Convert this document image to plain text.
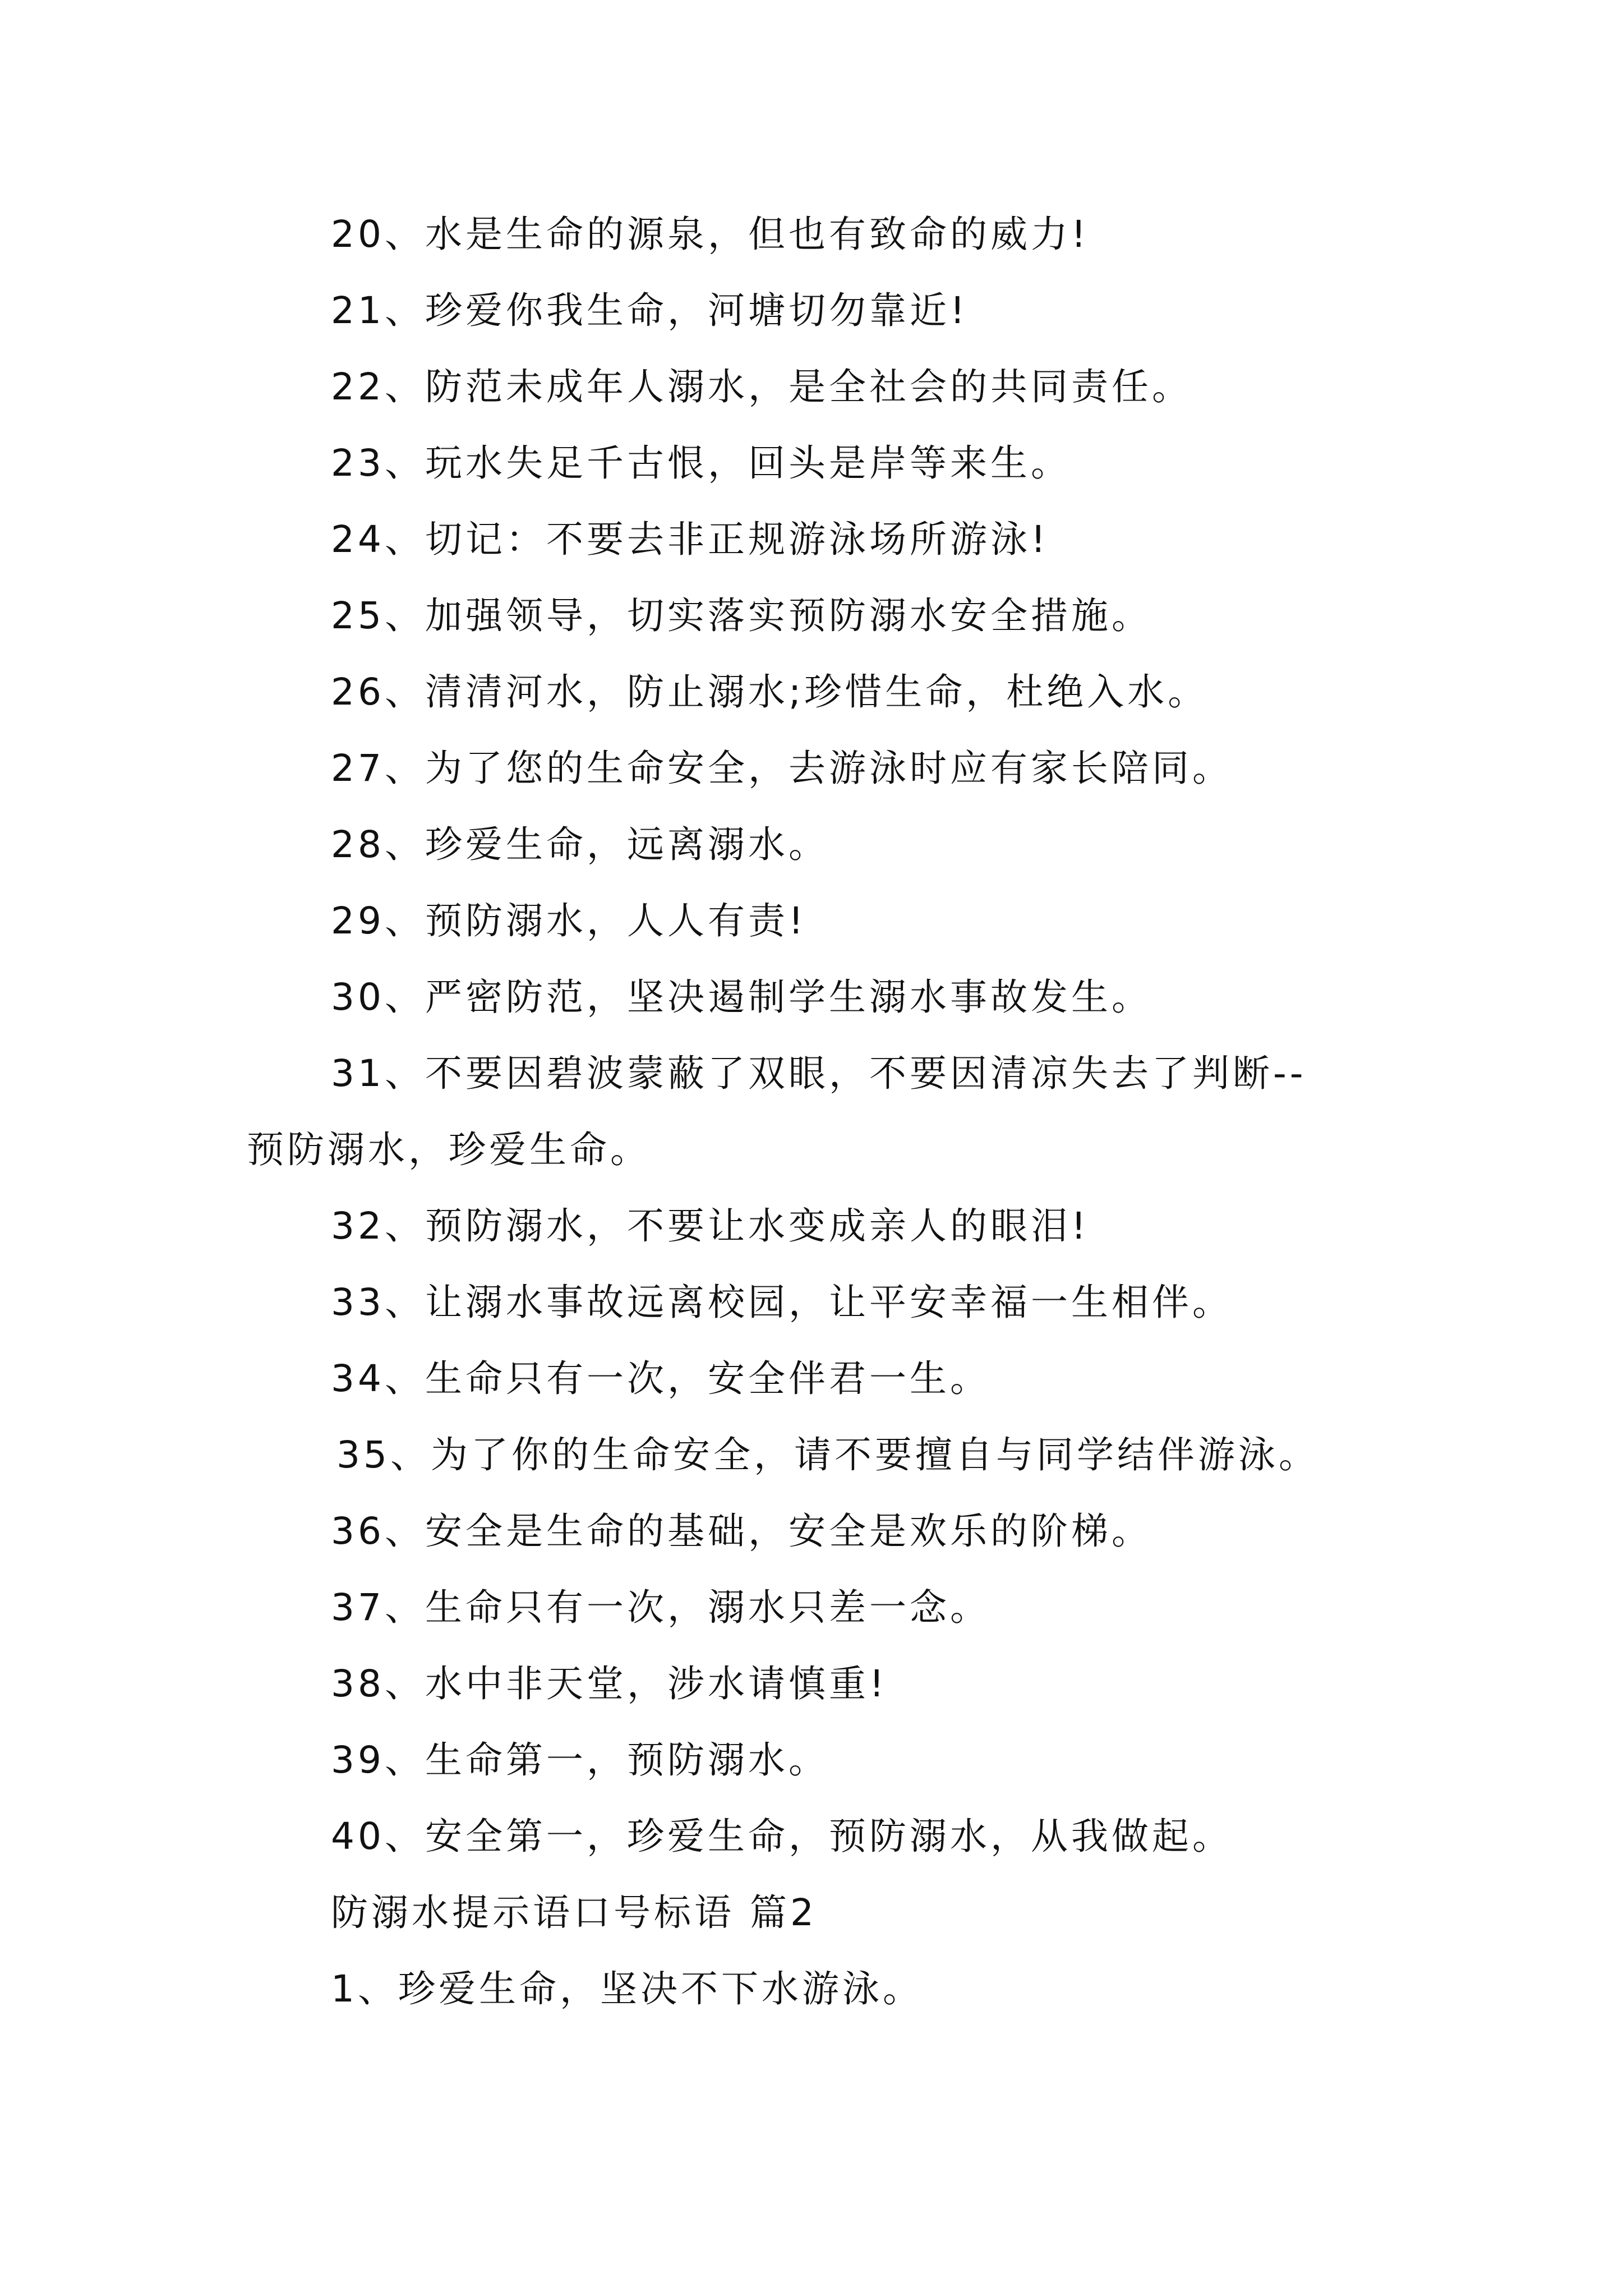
20、水是生命的源泉，但也有致命的威力!
21、珍爱你我生命，河塘切勿靠近!
22、防范未成年人溺水，是全社会的共同责任。
23、玩水失足千古恨，回头是岸等来生。
24、切记：不要去非正规游泳场所游泳!
25、加强领导，切实落实预防溺水安全措施。
26、清清河水，防止溺水;珍惜生命，杜绝入水。
27、为了您的生命安全，去游泳时应有家长陪同。
28、珍爱生命，远离溺水。
29、预防溺水，人人有责!
30、严密防范，坚决遏制学生溺水事故发生。
31、不要因碧波蒙蔽了双眼，不要因清凉失去了判断--
预防溺水，珍爱生命。
32、预防溺水，不要让水变成亲人的眼泪!
33、让溺水事故远离校园，让平安幸福一生相伴。
34、生命只有一次，安全伴君一生。
35、为了你的生命安全，请不要擅自与同学结伴游泳。
36、安全是生命的基础，安全是欢乐的阶梯。
37、生命只有一次，溺水只差一念。
38、水中非天堂，涉水请慎重!
39、生命第一，预防溺水。
40、安全第一，珍爱生命，预防溺水，从我做起。
防溺水提示语口号标语 篇2
1、珍爱生命，坚决不下水游泳。
